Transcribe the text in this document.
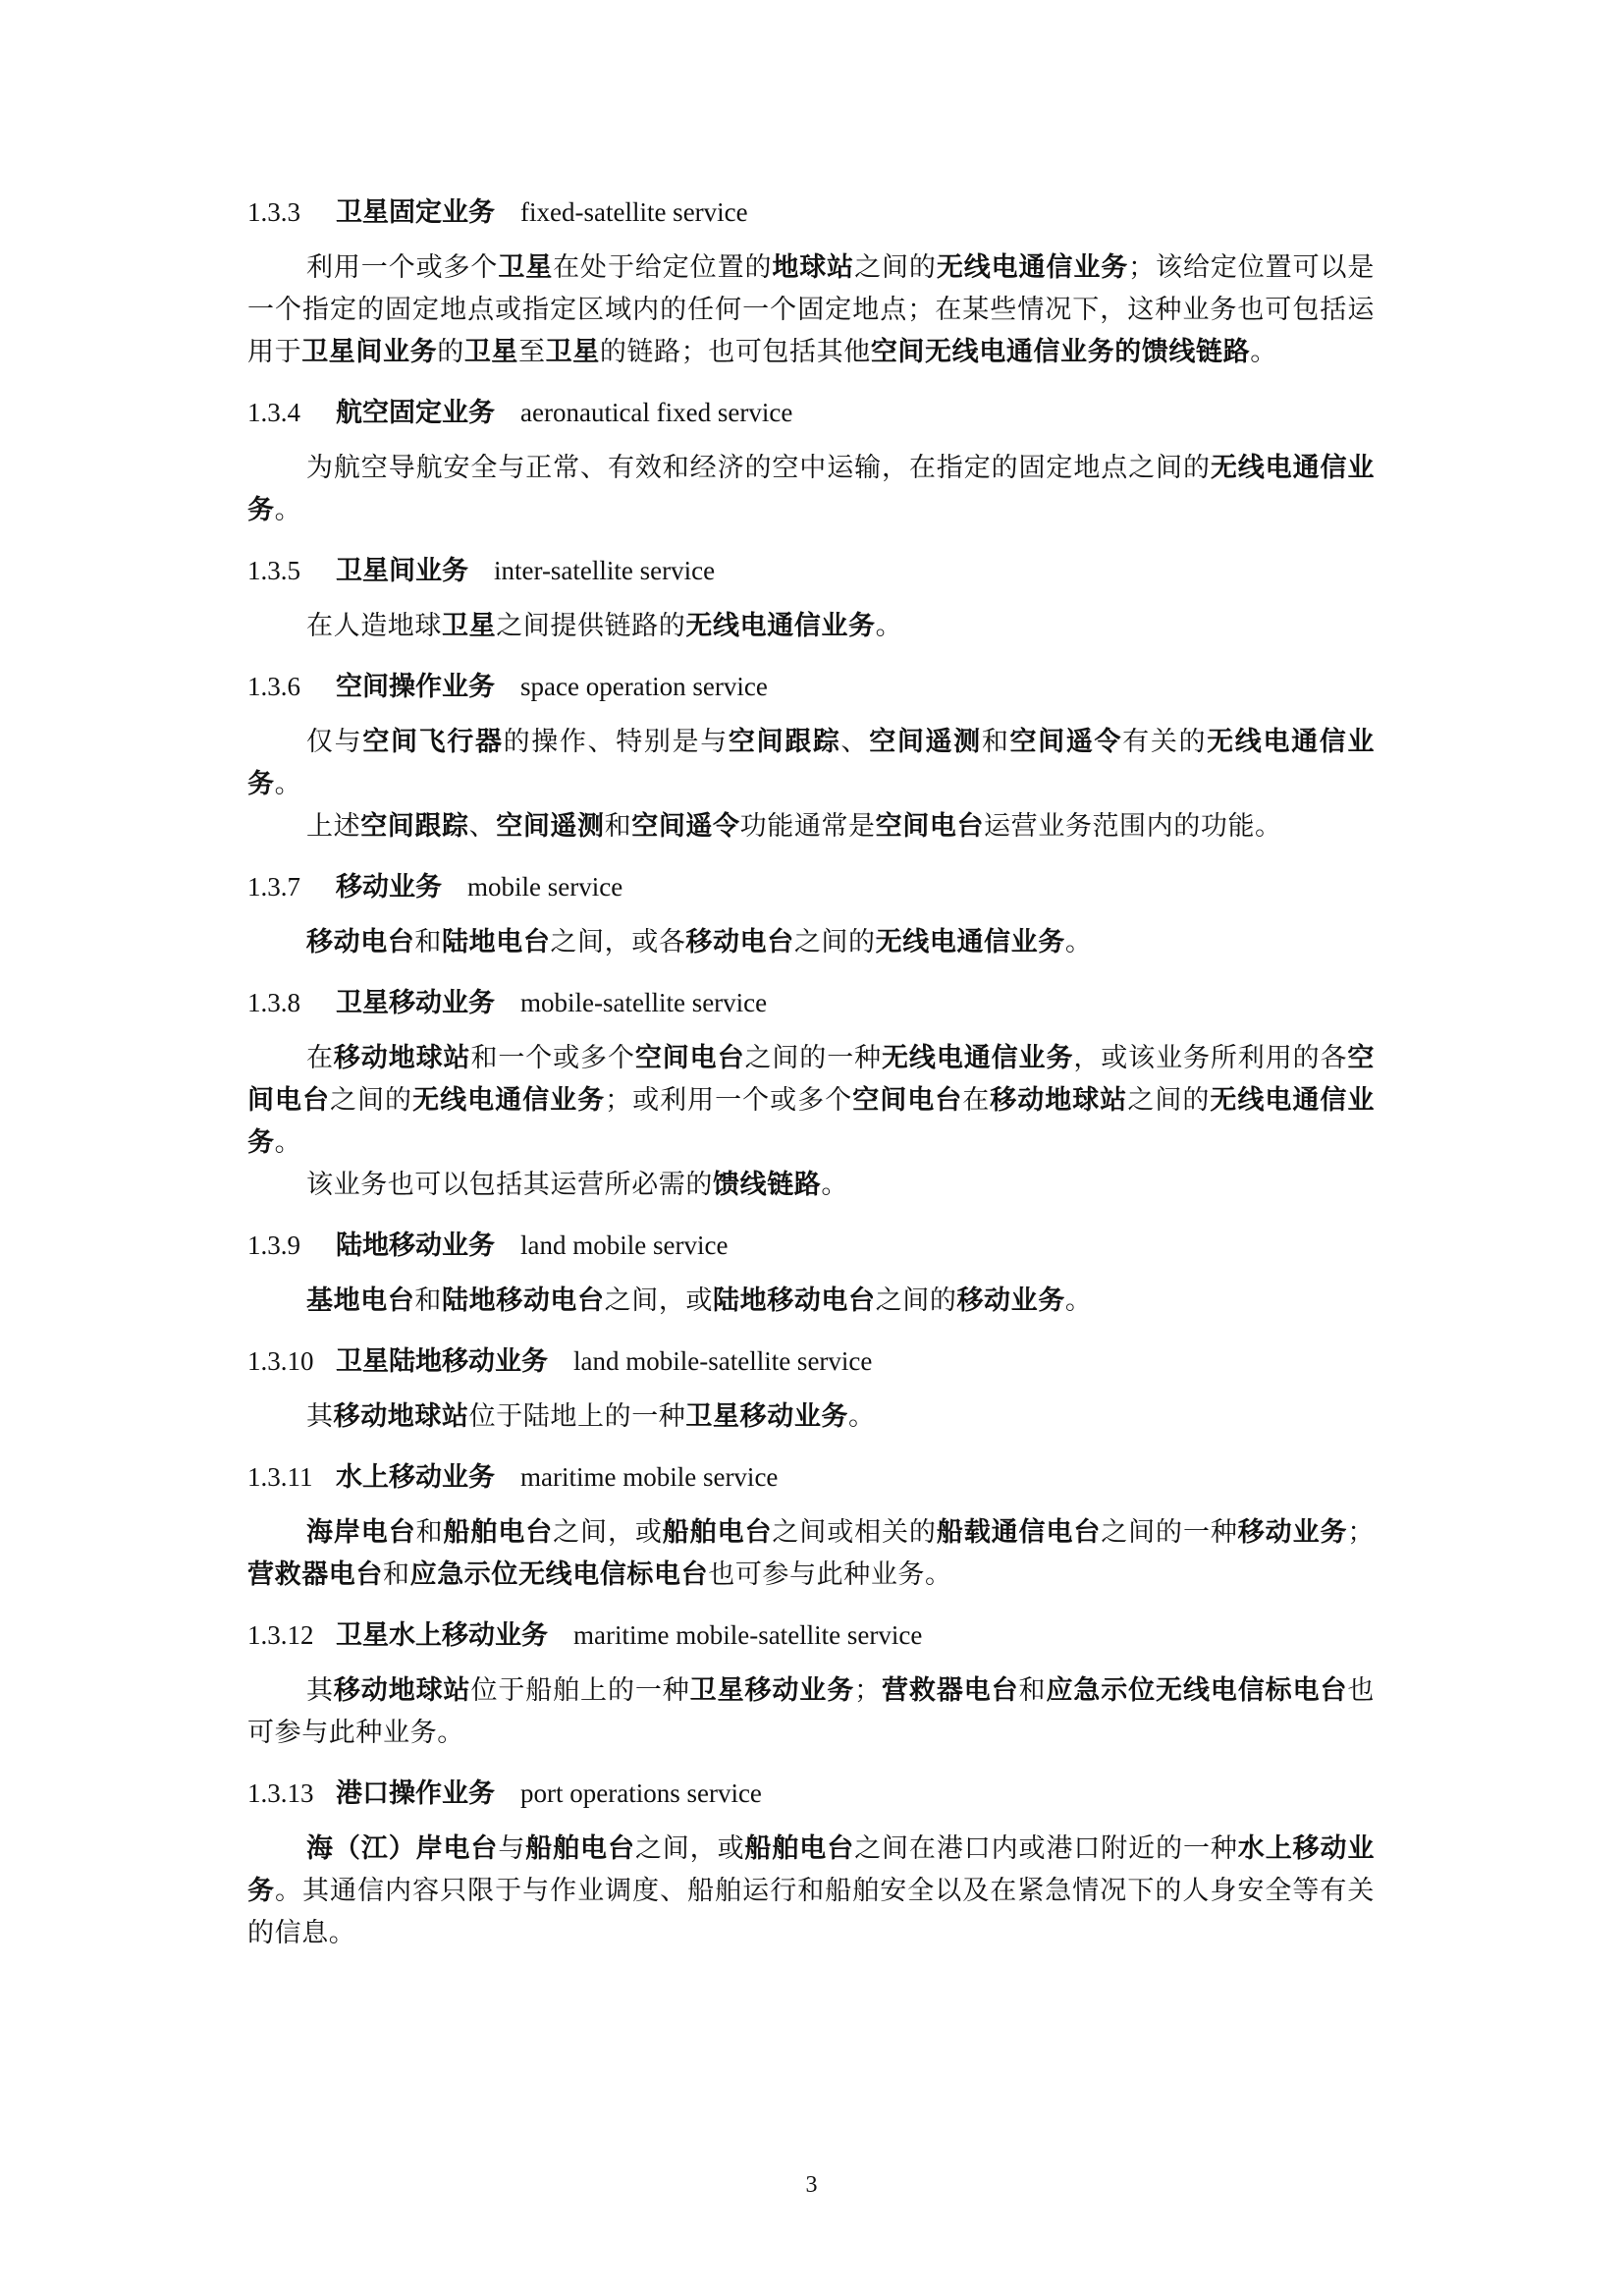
1.3.3 卫星固定业务 fixed-satellite service

利用一个或多个卫星在处于给定位置的地球站之间的无线电通信业务；该给定位置可以是一个指定的固定地点或指定区域内的任何一个固定地点；在某些情况下，这种业务也可包括运用于卫星间业务的卫星至卫星的链路；也可包括其他空间无线电通信业务的馈线链路。

1.3.4 航空固定业务 aeronautical fixed service

为航空导航安全与正常、有效和经济的空中运输，在指定的固定地点之间的无线电通信业务。

1.3.5 卫星间业务 inter-satellite service

在人造地球卫星之间提供链路的无线电通信业务。

1.3.6 空间操作业务 space operation service

仅与空间飞行器的操作、特别是与空间跟踪、空间遥测和空间遥令有关的无线电通信业务。

上述空间跟踪、空间遥测和空间遥令功能通常是空间电台运营业务范围内的功能。

1.3.7 移动业务 mobile service

移动电台和陆地电台之间，或各移动电台之间的无线电通信业务。

1.3.8 卫星移动业务 mobile-satellite service

在移动地球站和一个或多个空间电台之间的一种无线电通信业务，或该业务所利用的各空间电台之间的无线电通信业务；或利用一个或多个空间电台在移动地球站之间的无线电通信业务。

该业务也可以包括其运营所必需的馈线链路。

1.3.9 陆地移动业务 land mobile service

基地电台和陆地移动电台之间，或陆地移动电台之间的移动业务。

1.3.10 卫星陆地移动业务 land mobile-satellite service

其移动地球站位于陆地上的一种卫星移动业务。

1.3.11 水上移动业务 maritime mobile service

海岸电台和船舶电台之间，或船舶电台之间或相关的船载通信电台之间的一种移动业务；营救器电台和应急示位无线电信标电台也可参与此种业务。

1.3.12 卫星水上移动业务 maritime mobile-satellite service

其移动地球站位于船舶上的一种卫星移动业务；营救器电台和应急示位无线电信标电台也可参与此种业务。

1.3.13 港口操作业务 port operations service

海（江）岸电台与船舶电台之间，或船舶电台之间在港口内或港口附近的一种水上移动业务。其通信内容只限于与作业调度、船舶运行和船舶安全以及在紧急情况下的人身安全等有关的信息。

3
